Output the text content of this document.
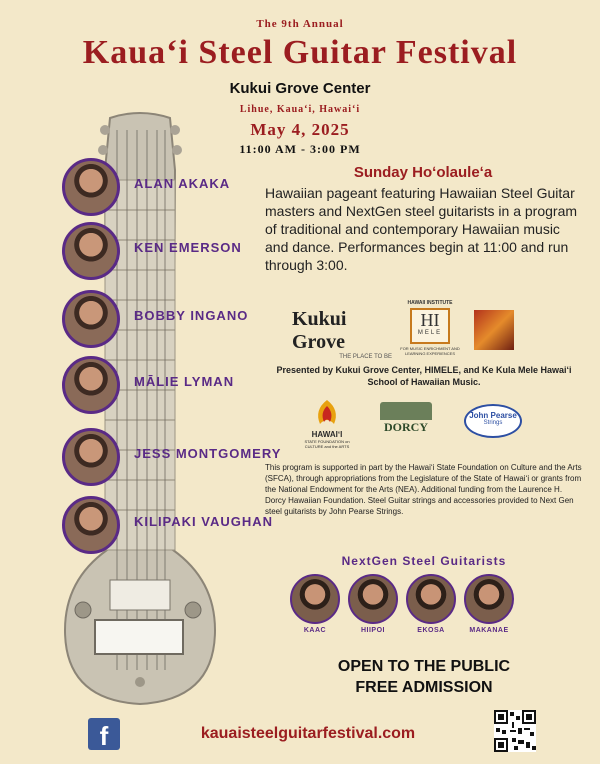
The 9th Annual
Kauaʻi Steel Guitar Festival
Kukui Grove Center
Lihue, Kauaʻi, Hawaiʻi
May 4, 2025
11:00 AM - 3:00 PM
ALAN AKAKA
KEN EMERSON
BOBBY INGANO
MĀLIE LYMAN
JESS MONTGOMERY
KILIPAKI VAUGHAN
Sunday Hoʻolauleʻa
Hawaiian pageant featuring Hawaiian Steel Guitar masters and NextGen steel guitarists in a program of traditional and contemporary Hawaiian music and dance. Performances begin at 11:00 and run through 3:00.
Kukui Grove
THE PLACE TO BE
HAWAII INSTITUTE
HI
MELE
FOR MUSIC ENRICHMENT AND LEARNING EXPERIENCES
Presented by Kukui Grove Center, HIMELE, and Ke Kula Mele Hawaiʻi School of Hawaiian Music.
HAWAIʻI
STATE FOUNDATION on CULTURE and the ARTS
DORCY
John Pearse
Strings
This program is supported in part by the Hawaiʻi State Foundation on Culture and the Arts (SFCA), through appropriations from the Legislature of the State of Hawaiʻi or grants from the National Endowment for the Arts (NEA). Additional funding from the Laurence H. Dorcy Hawaiian Foundation. Steel Guitar strings and accessories provided to Next Gen steel guitarists by John Pearse Strings.
NextGen Steel Guitarists
KAAC	HIIPOI	EKOSA	MAKANAE
OPEN TO THE PUBLIC
FREE ADMISSION
f	kauaisteelguitarfestival.com
